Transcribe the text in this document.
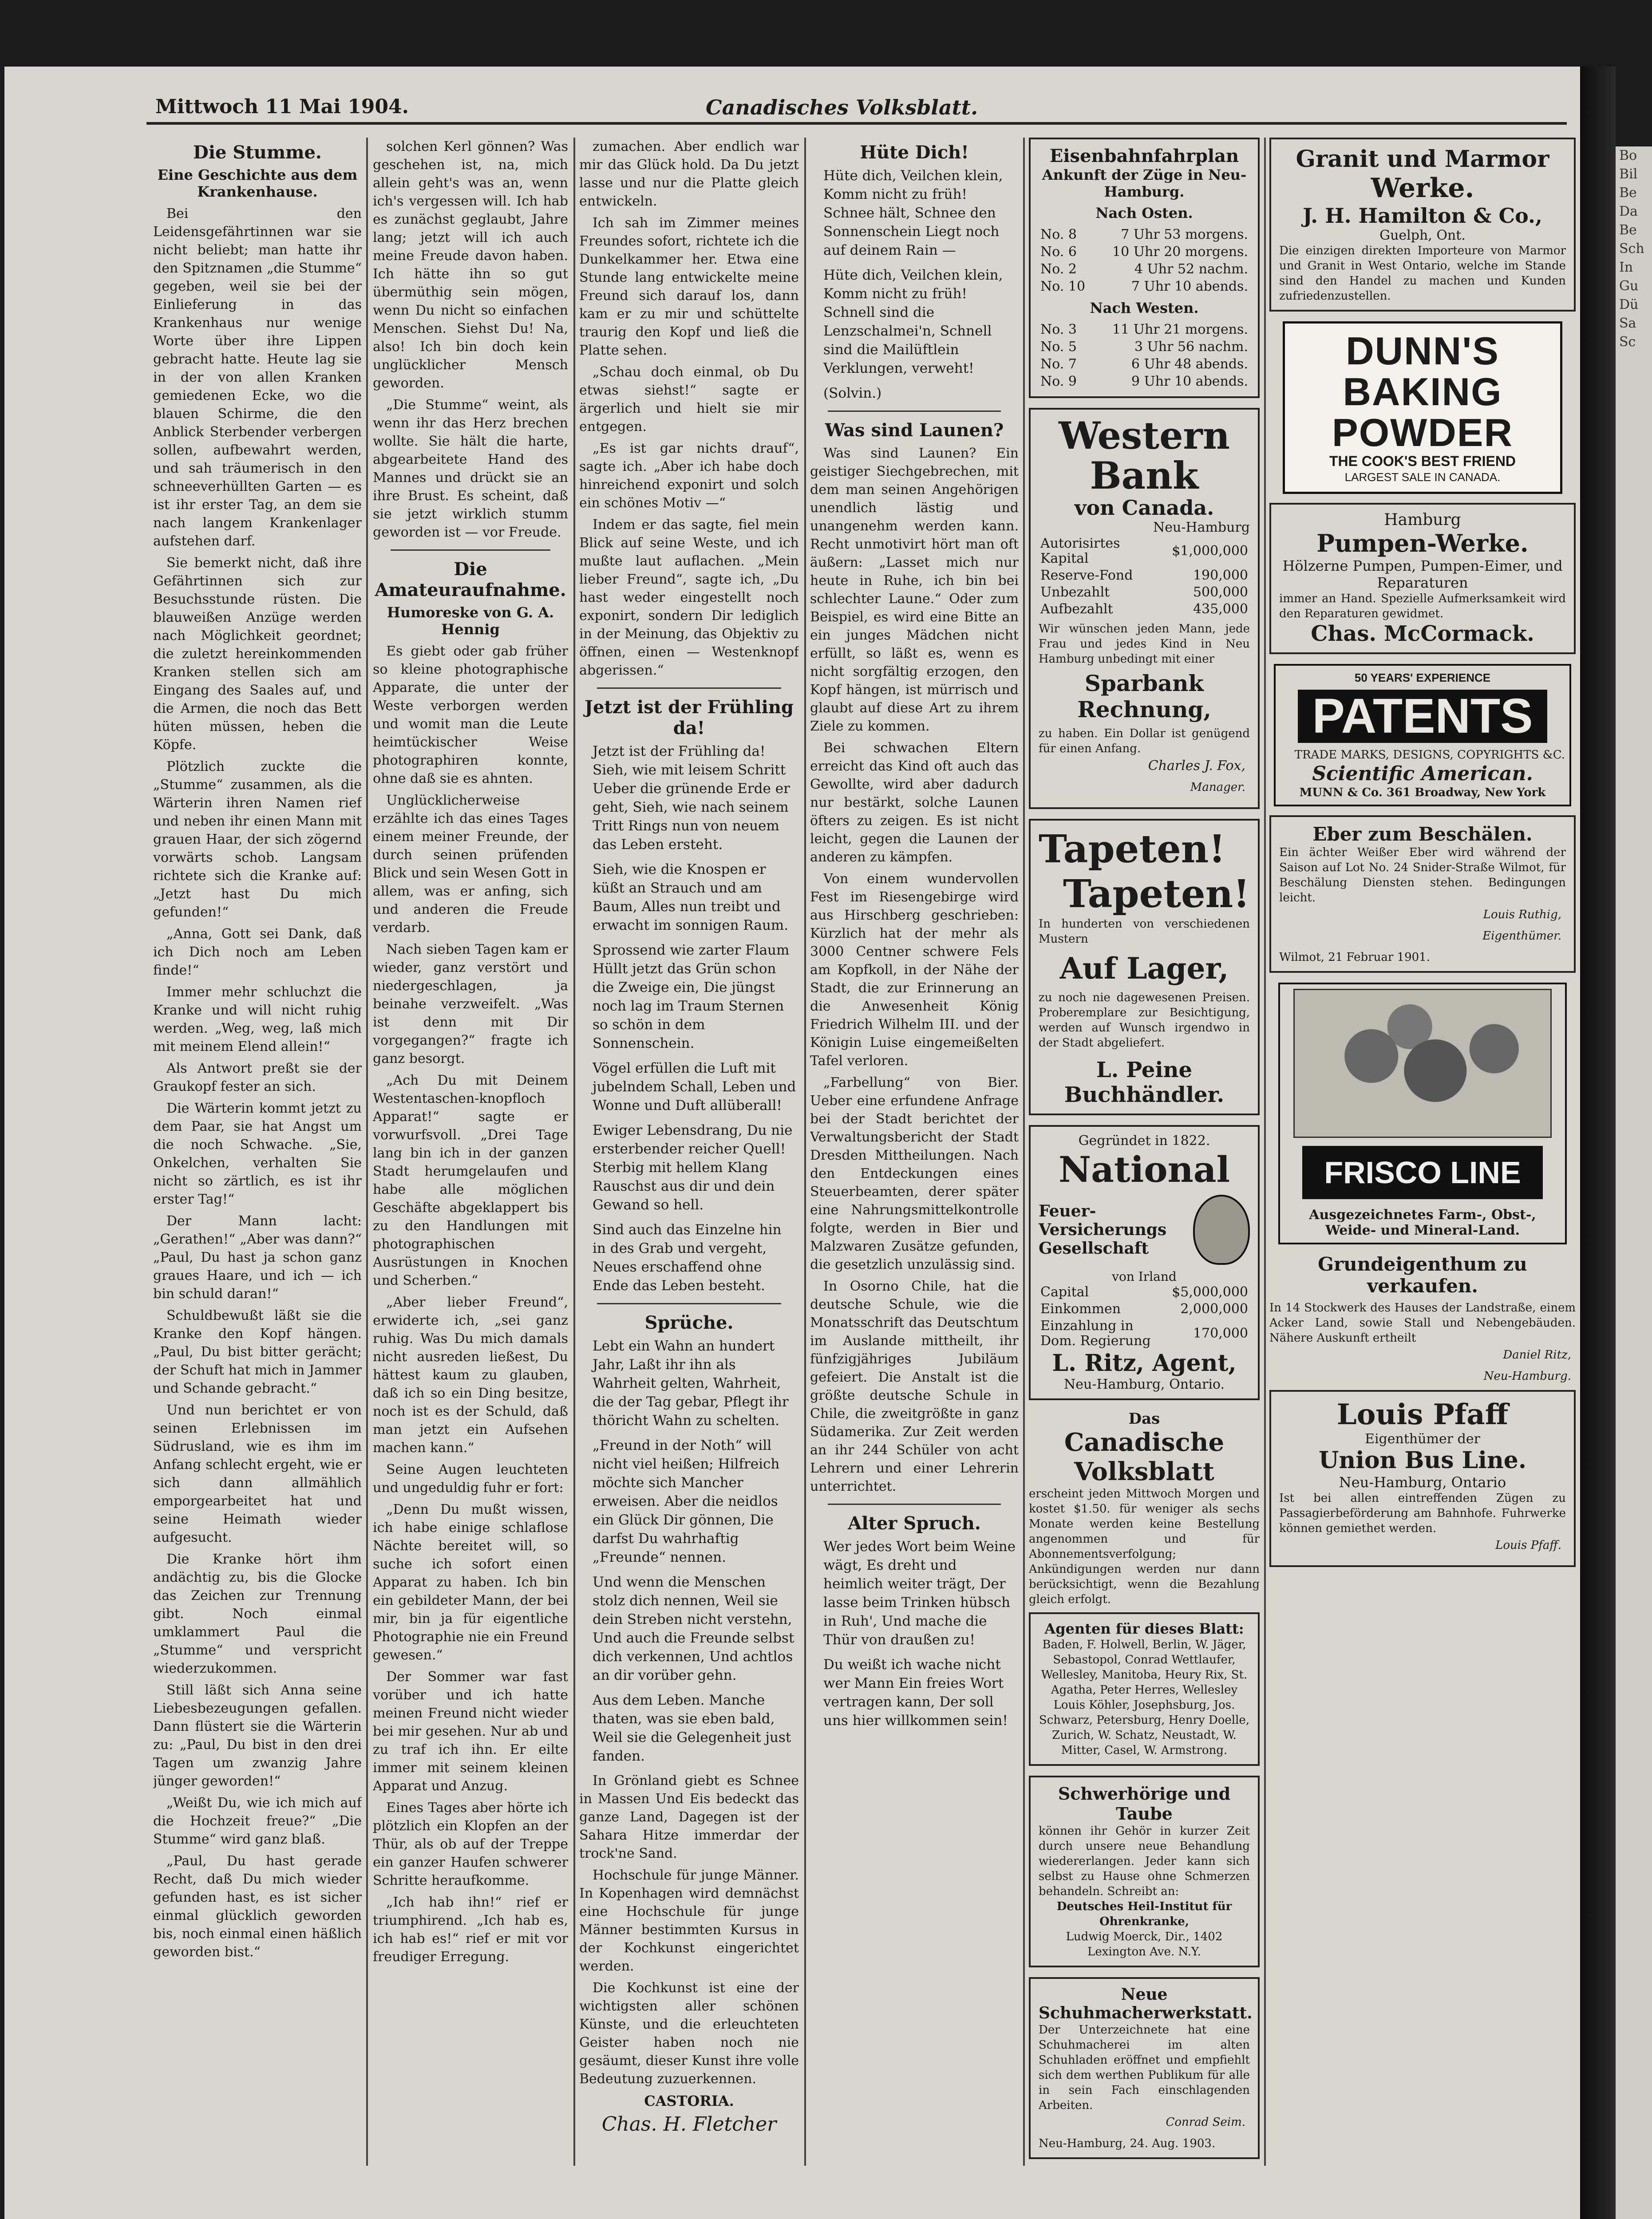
Bo
Bil
Be
Da
Be
Sch
In
Gu
Dü
Sa
Sc
Mittwoch 11 Mai 1904.	Canadisches Volksblatt.
Die Stumme.
Eine Geschichte aus dem Krankenhause.

Bei den Leidensgefährtinnen war sie nicht beliebt; man hatte ihr den Spitznamen „die Stumme“ gegeben, weil sie bei der Einlieferung in das Krankenhaus nur wenige Worte über ihre Lippen gebracht hatte. Heute lag sie in der von allen Kranken gemiedenen Ecke, wo die blauen Schirme, die den Anblick Sterbender verbergen sollen, aufbewahrt werden, und sah träumerisch in den schneeverhüllten Garten — es ist ihr erster Tag, an dem sie nach langem Krankenlager aufstehen darf.

Sie bemerkt nicht, daß ihre Gefährtinnen sich zur Besuchsstunde rüsten. Die blauweißen Anzüge werden nach Möglichkeit geordnet; die zuletzt hereinkommenden Kranken stellen sich am Eingang des Saales auf, und die Armen, die noch das Bett hüten müssen, heben die Köpfe.

Plötzlich zuckte die „Stumme“ zusammen, als die Wärterin ihren Namen rief und neben ihr einen Mann mit grauen Haar, der sich zögernd vorwärts schob. Langsam richtete sich die Kranke auf: „Jetzt hast Du mich gefunden!“

„Anna, Gott sei Dank, daß ich Dich noch am Leben finde!“

Immer mehr schluchzt die Kranke und will nicht ruhig werden. „Weg, weg, laß mich mit meinem Elend allein!“

Als Antwort preßt sie der Graukopf fester an sich.

Die Wärterin kommt jetzt zu dem Paar, sie hat Angst um die noch Schwache. „Sie, Onkelchen, verhalten Sie nicht so zärtlich, es ist ihr erster Tag!“

Der Mann lacht: „Gerathen!“ „Aber was dann?“ „Paul, Du hast ja schon ganz graues Haare, und ich — ich bin schuld daran!“

Schuldbewußt läßt sie die Kranke den Kopf hängen. „Paul, Du bist bitter gerächt; der Schuft hat mich in Jammer und Schande gebracht.“

Und nun berichtet er von seinen Erlebnissen im Südrusland, wie es ihm im Anfang schlecht ergeht, wie er sich dann allmählich emporgearbeitet hat und seine Heimath wieder aufgesucht.

Die Kranke hört ihm andächtig zu, bis die Glocke das Zeichen zur Trennung gibt. Noch einmal umklammert Paul die „Stumme“ und verspricht wiederzukommen.

Still läßt sich Anna seine Liebesbezeugungen gefallen. Dann flüstert sie die Wärterin zu: „Paul, Du bist in den drei Tagen um zwanzig Jahre jünger geworden!“

„Weißt Du, wie ich mich auf die Hochzeit freue?“ „Die Stumme“ wird ganz blaß.

„Paul, Du hast gerade Recht, daß Du mich wieder gefunden hast, es ist sicher einmal glücklich geworden bis, noch einmal einen häßlich geworden bist.“

solchen Kerl gönnen? Was geschehen ist, na, mich allein geht's was an, wenn ich's vergessen will. Ich hab es zunächst geglaubt, Jahre lang; jetzt will ich auch meine Freude davon haben. Ich hätte ihn so gut übermüthig sein mögen, wenn Du nicht so einfachen Menschen. Siehst Du! Na, also! Ich bin doch kein unglücklicher Mensch geworden.

„Die Stumme“ weint, als wenn ihr das Herz brechen wollte. Sie hält die harte, abgearbeitete Hand des Mannes und drückt sie an ihre Brust. Es scheint, daß sie jetzt wirklich stumm geworden ist — vor Freude.

Die Amateuraufnahme.
Humoreske von G. A. Hennig

Es giebt oder gab früher so kleine photographische Apparate, die unter der Weste verborgen werden und womit man die Leute heimtückischer Weise photographiren konnte, ohne daß sie es ahnten.

Unglücklicherweise erzählte ich das eines Tages einem meiner Freunde, der durch seinen prüfenden Blick und sein Wesen Gott in allem, was er anfing, sich und anderen die Freude verdarb.

Nach sieben Tagen kam er wieder, ganz verstört und niedergeschlagen, ja beinahe verzweifelt. „Was ist denn mit Dir vorgegangen?“ fragte ich ganz besorgt.

„Ach Du mit Deinem Westentaschen-knopfloch Apparat!“ sagte er vorwurfsvoll. „Drei Tage lang bin ich in der ganzen Stadt herumgelaufen und habe alle möglichen Geschäfte abgeklappert bis zu den Handlungen mit photographischen Ausrüstungen in Knochen und Scherben.“

„Aber lieber Freund“, erwiderte ich, „sei ganz ruhig. Was Du mich damals nicht ausreden ließest, Du hättest kaum zu glauben, daß ich so ein Ding besitze, noch ist es der Schuld, daß man jetzt ein Aufsehen machen kann.“

Seine Augen leuchteten und ungeduldig fuhr er fort:

„Denn Du mußt wissen, ich habe einige schlaflose Nächte bereitet will, so suche ich sofort einen Apparat zu haben. Ich bin ein gebildeter Mann, der bei mir, bin ja für eigentliche Photographie nie ein Freund gewesen.“

Der Sommer war fast vorüber und ich hatte meinen Freund nicht wieder bei mir gesehen. Nur ab und zu traf ich ihn. Er eilte immer mit seinem kleinen Apparat und Anzug.

Eines Tages aber hörte ich plötzlich ein Klopfen an der Thür, als ob auf der Treppe ein ganzer Haufen schwerer Schritte heraufkomme.

„Ich hab ihn!“ rief er triumphirend. „Ich hab es, ich hab es!“ rief er mit vor freudiger Erregung.

zumachen. Aber endlich war mir das Glück hold. Da Du jetzt lasse und nur die Platte gleich entwickeln.

Ich sah im Zimmer meines Freundes sofort, richtete ich die Dunkelkammer her. Etwa eine Stunde lang entwickelte meine Freund sich darauf los, dann kam er zu mir und schüttelte traurig den Kopf und ließ die Platte sehen.

„Schau doch einmal, ob Du etwas siehst!“ sagte er ärgerlich und hielt sie mir entgegen.

„Es ist gar nichts drauf“, sagte ich. „Aber ich habe doch hinreichend exponirt und solch ein schönes Motiv —“

Indem er das sagte, fiel mein Blick auf seine Weste, und ich mußte laut auflachen. „Mein lieber Freund“, sagte ich, „Du hast weder eingestellt noch exponirt, sondern Dir lediglich in der Meinung, das Objektiv zu öffnen, einen — Westenknopf abgerissen.“

Jetzt ist der Frühling da!

Jetzt ist der Frühling da! Sieh, wie mit leisem Schritt Ueber die grünende Erde er geht, Sieh, wie nach seinem Tritt Rings nun von neuem das Leben ersteht.

Sieh, wie die Knospen er küßt an Strauch und am Baum, Alles nun treibt und erwacht im sonnigen Raum.

Sprossend wie zarter Flaum Hüllt jetzt das Grün schon die Zweige ein, Die jüngst noch lag im Traum Sternen so schön in dem Sonnenschein.

Vögel erfüllen die Luft mit jubelndem Schall, Leben und Wonne und Duft allüberall!

Ewiger Lebensdrang, Du nie ersterbender reicher Quell! Sterbig mit hellem Klang Rauschst aus dir und dein Gewand so hell.

Sind auch das Einzelne hin in des Grab und vergeht, Neues erschaffend ohne Ende das Leben besteht.

Sprüche.

Lebt ein Wahn an hundert Jahr, Laßt ihr ihn als Wahrheit gelten, Wahrheit, die der Tag gebar, Pflegt ihr thöricht Wahn zu schelten.

„Freund in der Noth“ will nicht viel heißen; Hilfreich möchte sich Mancher erweisen. Aber die neidlos ein Glück Dir gönnen, Die darfst Du wahrhaftig „Freunde“ nennen.

Und wenn die Menschen stolz dich nennen, Weil sie dein Streben nicht verstehn, Und auch die Freunde selbst dich verkennen, Und achtlos an dir vorüber gehn.

Aus dem Leben. Manche thaten, was sie eben bald, Weil sie die Gelegenheit just fanden.

In Grönland giebt es Schnee in Massen Und Eis bedeckt das ganze Land, Dagegen ist der Sahara Hitze immerdar der trock'ne Sand.

Hochschule für junge Männer. In Kopenhagen wird demnächst eine Hochschule für junge Männer bestimmten Kursus in der Kochkunst eingerichtet werden.

Die Kochkunst ist eine der wichtigsten aller schönen Künste, und die erleuchteten Geister haben noch nie gesäumt, dieser Kunst ihre volle Bedeutung zuzuerkennen.

CASTORIA.
Chas. H. Fletcher
Hüte Dich!

Hüte dich, Veilchen klein, Komm nicht zu früh! Schnee hält, Schnee den Sonnenschein Liegt noch auf deinem Rain —

Hüte dich, Veilchen klein, Komm nicht zu früh! Schnell sind die Lenzschalmei'n, Schnell sind die Mailüftlein Verklungen, verweht!

(Solvin.)

Was sind Launen?

Was sind Launen? Ein geistiger Siechgebrechen, mit dem man seinen Angehörigen unendlich lästig und unangenehm werden kann. Recht unmotivirt hört man oft äußern: „Lasset mich nur heute in Ruhe, ich bin bei schlechter Laune.“ Oder zum Beispiel, es wird eine Bitte an ein junges Mädchen nicht erfüllt, so läßt es, wenn es nicht sorgfältig erzogen, den Kopf hängen, ist mürrisch und glaubt auf diese Art zu ihrem Ziele zu kommen.

Bei schwachen Eltern erreicht das Kind oft auch das Gewollte, wird aber dadurch nur bestärkt, solche Launen öfters zu zeigen. Es ist nicht leicht, gegen die Launen der anderen zu kämpfen.

Von einem wundervollen Fest im Riesengebirge wird aus Hirschberg geschrieben: Kürzlich hat der mehr als 3000 Centner schwere Fels am Kopfkoll, in der Nähe der Stadt, die zur Erinnerung an die Anwesenheit König Friedrich Wilhelm III. und der Königin Luise eingemeißelten Tafel verloren.

„Farbellung“ von Bier. Ueber eine erfundene Anfrage bei der Stadt berichtet der Verwaltungsbericht der Stadt Dresden Mittheilungen. Nach den Entdeckungen eines Steuerbeamten, derer später eine Nahrungsmittelkontrolle folgte, werden in Bier und Malzwaren Zusätze gefunden, die gesetzlich unzulässig sind.

In Osorno Chile, hat die deutsche Schule, wie die Monatsschrift das Deutschtum im Auslande mittheilt, ihr fünfzigjähriges Jubiläum gefeiert. Die Anstalt ist die größte deutsche Schule in Chile, die zweitgrößte in ganz Südamerika. Zur Zeit werden an ihr 244 Schüler von acht Lehrern und einer Lehrerin unterrichtet.

Alter Spruch.

Wer jedes Wort beim Weine wägt, Es dreht und heimlich weiter trägt, Der lasse beim Trinken hübsch in Ruh', Und mache die Thür von draußen zu!

Du weißt ich wache nicht wer Mann Ein freies Wort vertragen kann, Der soll uns hier willkommen sein!

Eisenbahnfahrplan
Ankunft der Züge in Neu-Hamburg.
Nach Osten.
No. 8	7 Uhr 53 morgens.
No. 6	10 Uhr 20 morgens.
No. 2	4 Uhr 52 nachm.
No. 10	7 Uhr 10 abends.
Nach Westen.
No. 3	11 Uhr 21 morgens.
No. 5	3 Uhr 56 nachm.
No. 7	6 Uhr 48 abends.
No. 9	9 Uhr 10 abends.
Western Bank
von Canada.
Neu-Hamburg
Autorisirtes Kapital	$1,000,000
Reserve-Fond	190,000
Unbezahlt	500,000
Aufbezahlt	435,000
Wir wünschen jeden Mann, jede Frau und jedes Kind in Neu Hamburg unbedingt mit einer
Sparbank Rechnung,
zu haben. Ein Dollar ist genügend für einen Anfang.
Charles J. Fox,
Manager.
Tapeten!
Tapeten!
In hunderten von verschiedenen Mustern
Auf Lager,
zu noch nie dagewesenen Preisen. Proberemplare zur Besichtigung, werden auf Wunsch irgendwo in der Stadt abgeliefert.
L. Peine Buchhändler.
Gegründet in 1822.
National
Feuer-Versicherungs Gesellschaft
von Irland
Capital	$5,000,000
Einkommen	2,000,000
Einzahlung in Dom. Regierung	170,000
L. Ritz, Agent,
Neu-Hamburg, Ontario.
Das
Canadische Volksblatt
erscheint jeden Mittwoch Morgen und kostet $1.50. für weniger als sechs Monate werden keine Bestellung angenommen und für Abonnementsverfolgung; Ankündigungen werden nur dann berücksichtigt, wenn die Bezahlung gleich erfolgt.
Agenten für dieses Blatt:
Baden, F. Holwell, Berlin, W. Jäger, Sebastopol, Conrad Wettlaufer, Wellesley, Manitoba, Heury Rix, St. Agatha, Peter Herres, Wellesley Louis Köhler, Josephsburg, Jos. Schwarz, Petersburg, Henry Doelle, Zurich, W. Schatz, Neustadt, W. Mitter, Casel, W. Armstrong.
Schwerhörige und Taube
können ihr Gehör in kurzer Zeit durch unsere neue Behandlung wiedererlangen. Jeder kann sich selbst zu Hause ohne Schmerzen behandeln. Schreibt an:
Deutsches Heil-Institut für Ohrenkranke,
Ludwig Moerck, Dir., 1402 Lexington Ave. N.Y.
Neue Schuhmacherwerkstatt.
Der Unterzeichnete hat eine Schuhmacherei im alten Schuhladen eröffnet und empfiehlt sich dem werthen Publikum für alle in sein Fach einschlagenden Arbeiten.
Conrad Seim.
Neu-Hamburg, 24. Aug. 1903.
Granit und Marmor
Werke.
J. H. Hamilton & Co.,
Guelph, Ont.
Die einzigen direkten Importeure von Marmor und Granit in West Ontario, welche im Stande sind den Handel zu machen und Kunden zufriedenzustellen.
DUNN'S
BAKING
POWDER
THE COOK'S BEST FRIEND
LARGEST SALE IN CANADA.
Hamburg
Pumpen-Werke.
Hölzerne Pumpen, Pumpen-Eimer, und Reparaturen
immer an Hand. Spezielle Aufmerksamkeit wird den Reparaturen gewidmet.
Chas. McCormack.
50 YEARS' EXPERIENCE
PATENTS
TRADE MARKS, DESIGNS, COPYRIGHTS &C.
Scientific American.
MUNN & Co. 361 Broadway, New York
Eber zum Beschälen.
Ein ächter Weißer Eber wird während der Saison auf Lot No. 24 Snider-Straße Wilmot, für Beschälung Diensten stehen. Bedingungen leicht.
Louis Ruthig,
Eigenthümer.
Wilmot, 21 Februar 1901.
FRISCO LINE
Ausgezeichnetes Farm-, Obst-, Weide- und Mineral-Land.
Grundeigenthum zu verkaufen.
In 14 Stockwerk des Hauses der Landstraße, einem Acker Land, sowie Stall und Nebengebäuden. Nähere Auskunft ertheilt
Daniel Ritz,
Neu-Hamburg.
Louis Pfaff
Eigenthümer der
Union Bus Line.
Neu-Hamburg, Ontario
Ist bei allen eintreffenden Zügen zu Passagierbeförderung am Bahnhofe. Fuhrwerke können gemiethet werden.
Louis Pfaff.
